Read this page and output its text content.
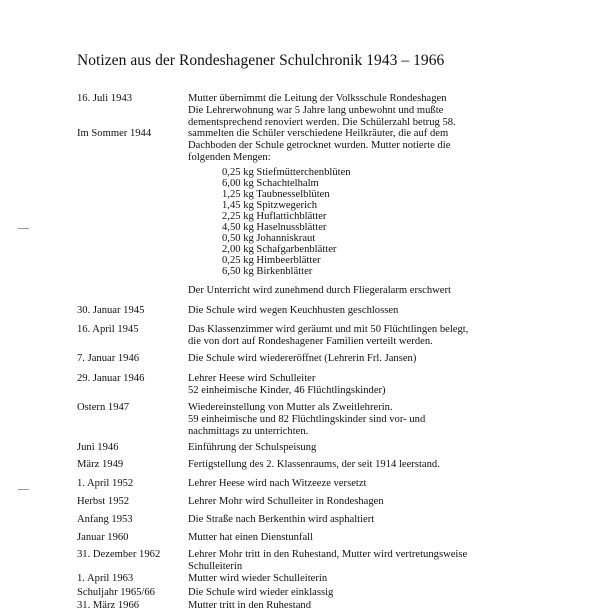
Notizen aus der Rondeshagener Schulchronik 1943 – 1966
16. Juli 1943	Mutter übernimmt die Leitung der Volksschule Rondeshagen
Die Lehrerwohnung war 5 Jahre lang unbewohnt und mußte
dementsprechend renoviert werden. Die Schülerzahl betrug 58.
Im Sommer 1944	sammelten die Schüler verschiedene Heilkräuter, die auf dem
Dachboden der Schule getrocknet wurden. Mutter notierte die
folgenden Mengen:
0,25 kg Stiefmütterchenblüten
6,00 kg Schachtelhalm
1,25 kg Taubnesselblüten
1,45 kg Spitzwegerich
2,25 kg Huflattichblätter
4,50 kg Haselnussblätter
0,50 kg Johanniskraut
2,00 kg Schafgarbenblätter
0,25 kg Himbeerblätter
6,50 kg Birkenblätter
Der Unterricht wird zunehmend durch Fliegeralarm erschwert
30. Januar 1945	Die Schule wird wegen Keuchhusten geschlossen
16. April 1945	Das Klassenzimmer wird geräumt und mit 50 Flüchtlingen belegt,
die von dort auf Rondeshagener Familien verteilt werden.
7. Januar 1946	Die Schule wird wiedereröffnet (Lehrerin Frl. Jansen)
29. Januar 1946	Lehrer Heese wird Schulleiter
52 einheimische Kinder, 46 Flüchtlingskinder)
Ostern 1947	Wiedereinstellung von Mutter als Zweitlehrerin.
59 einheimische und 82 Flüchtlingskinder sind vor- und
nachmittags zu unterrichten.
Juni 1946	Einführung der Schulspeisung
März 1949	Fertigstellung des 2. Klassenraums, der seit 1914 leerstand.
1. April 1952	Lehrer Heese wird nach Witzeeze versetzt
Herbst 1952	Lehrer Mohr wird Schulleiter in Rondeshagen
Anfang 1953	Die Straße nach Berkenthin wird asphaltiert
Januar 1960	Mutter hat einen Dienstunfall
31. Dezember 1962	Lehrer Mohr tritt in den Ruhestand, Mutter wird vertretungsweise
Schulleiterin
1. April 1963	Mutter wird wieder Schulleiterin
Schuljahr 1965/66	Die Schule wird wieder einklassig
31. März 1966	Mutter tritt in den Ruhestand
